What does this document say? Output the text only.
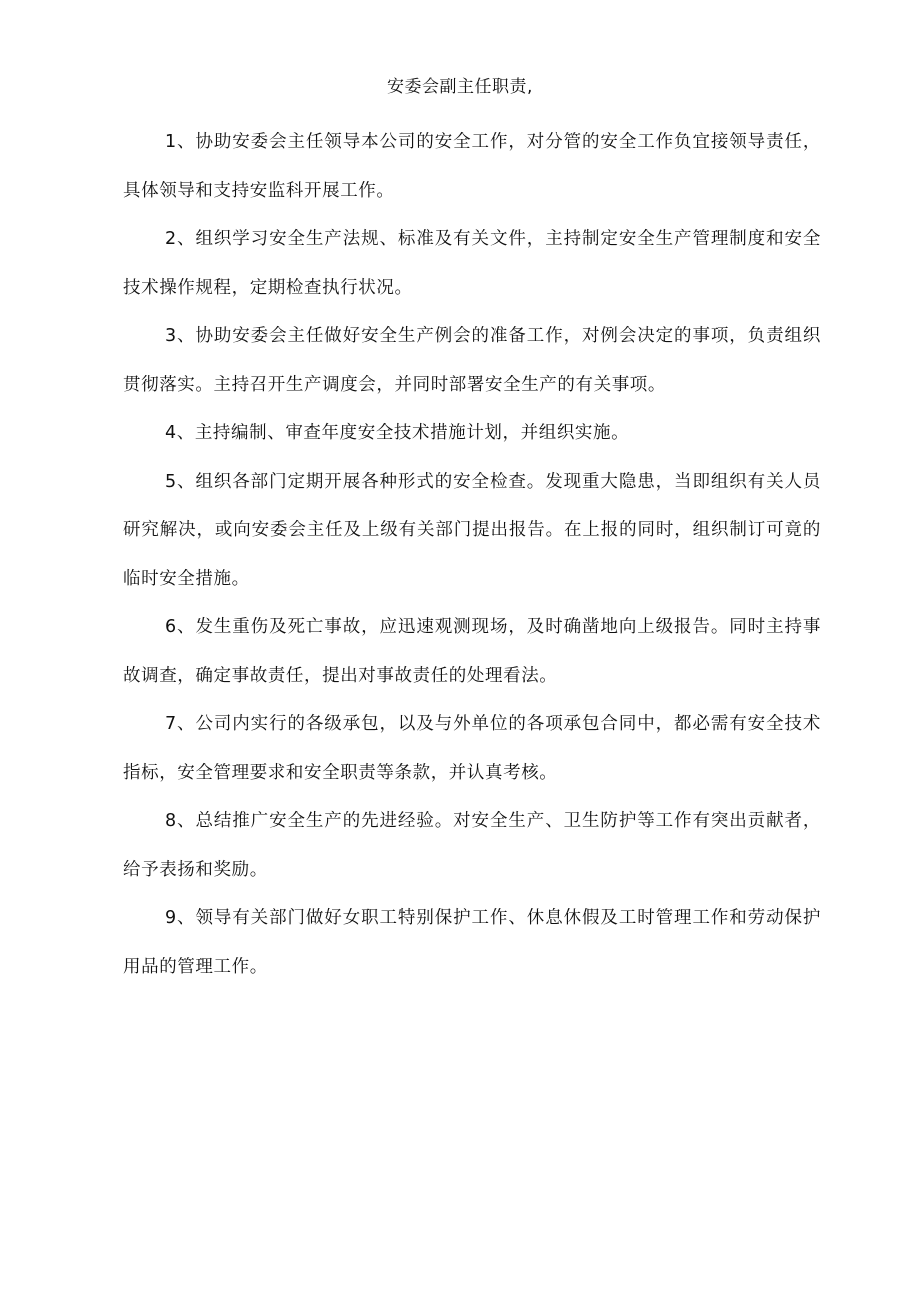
安委会副主任职责,

1、协助安委会主任领导本公司的安全工作，对分管的安全工作负宜接领导责任，具体领导和支持安监科开展工作。

2、组织学习安全生产法规、标准及有关文件，主持制定安全生产管理制度和安全技术操作规程，定期检查执行状况。

3、协助安委会主任做好安全生产例会的准备工作，对例会决定的事项，负责组织贯彻落实。主持召开生产调度会，并同时部署安全生产的有关事项。

4、主持编制、审查年度安全技术措施计划，并组织实施。

5、组织各部门定期开展各种形式的安全检查。发现重大隐患，当即组织有关人员研究解决，或向安委会主任及上级有关部门提出报告。在上报的同时，组织制订可竟的临时安全措施。

6、发生重伤及死亡事故，应迅速观测现场，及时确凿地向上级报告。同时主持事故调查，确定事故责任，提出对事故责任的处理看法。

7、公司内实行的各级承包，以及与外单位的各项承包合同中，都必需有安全技术指标，安全管理要求和安全职责等条款，并认真考核。

8、总结推广安全生产的先进经验。对安全生产、卫生防护等工作有突出贡献者，给予表扬和奖励。

9、领导有关部门做好女职工特别保护工作、休息休假及工时管理工作和劳动保护用品的管理工作。
